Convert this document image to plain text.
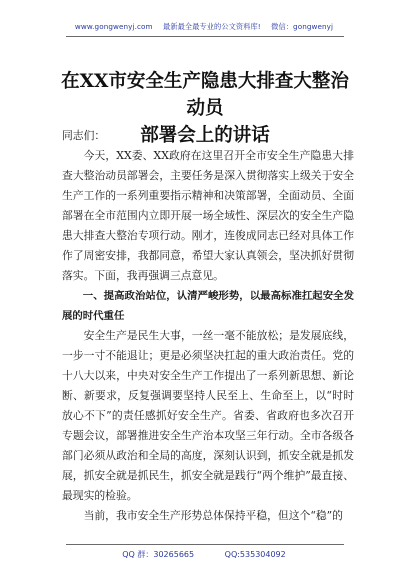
www.gongwenyj.com 最新最全最专业的公文资料库! 微信：gongwenyj
在XX市安全生产隐患大排查大整治动员
部署会上的讲话

同志们：

今天，XX委、XX政府在这里召开全市安全生产隐患大排查大整治动员部署会，主要任务是深入贯彻落实上级关于安全生产工作的一系列重要指示精神和决策部署，全面动员、全面部署在全市范围内立即开展一场全域性、深层次的安全生产隐患大排查大整治专项行动。刚才，连俊成同志已经对具体工作作了周密安排，我都同意，希望大家认真领会，坚决抓好贯彻落实。下面，我再强调三点意见。

一、提高政治站位，认清严峻形势，以最高标准扛起安全发展的时代重任

安全生产是民生大事，一丝一毫不能放松；是发展底线，一步一寸不能退让；更是必须坚决扛起的重大政治责任。党的十八大以来，中央对安全生产工作提出了一系列新思想、新论断、新要求，反复强调要坚持人民至上、生命至上，以“时时放心不下”的责任感抓好安全生产。省委、省政府也多次召开专题会议，部署推进安全生产治本攻坚三年行动。全市各级各部门必须从政治和全局的高度，深刻认识到，抓安全就是抓发展，抓安全就是抓民生，抓安全就是践行“两个维护”最直接、最现实的检验。

当前，我市安全生产形势总体保持平稳，但这个“稳”的

QQ 群：30265665	QQ:535304092
